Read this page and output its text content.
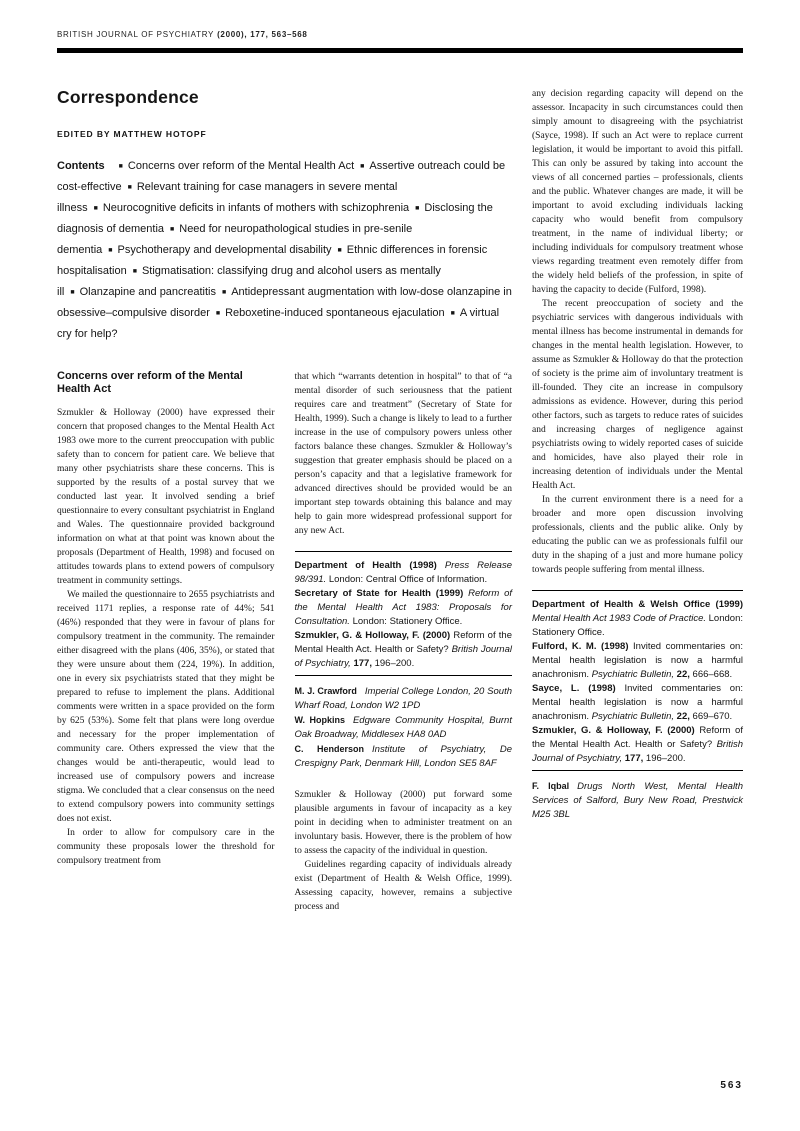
BRITISH JOURNAL OF PSYCHIATRY (2000), 177, 563–568
Correspondence
EDITED BY MATTHEW HOTOPF

Contents ■ Concerns over reform of the Mental Health Act ■ Assertive outreach could be cost-effective ■ Relevant training for case managers in severe mental illness ■ Neurocognitive deficits in infants of mothers with schizophrenia ■ Disclosing the diagnosis of dementia ■ Need for neuropathological studies in pre-senile dementia ■ Psychotherapy and developmental disability ■ Ethnic differences in forensic hospitalisation ■ Stigmatisation: classifying drug and alcohol users as mentally ill ■ Olanzapine and pancreatitis ■ Antidepressant augmentation with low-dose olanzapine in obsessive–compulsive disorder ■ Reboxetine-induced spontaneous ejaculation ■ A virtual cry for help?

Concerns over reform of the Mental Health Act

Szmukler & Holloway (2000) have expressed their concern that proposed changes to the Mental Health Act 1983 owe more to the current preoccupation with public safety than to concern for patient care. We believe that many other psychiatrists share these concerns. This is supported by the results of a postal survey that we conducted last year. It involved sending a brief questionnaire to every consultant psychiatrist in England and Wales. The questionnaire provided background information on what at that point was known about the proposals (Department of Health, 1998) and focused on attitudes towards plans to extend powers of compulsory treatment in community settings.

We mailed the questionnaire to 2655 psychiatrists and received 1171 replies, a response rate of 44%; 541 (46%) responded that they were in favour of plans for compulsory treatment in the community. The remainder either disagreed with the plans (406, 35%), or stated that they were unsure about them (224, 19%). In addition, one in every six psychiatrists stated that they might be prepared to refuse to implement the plans. Additional comments were written in a space provided on the form by 625 (53%). Some felt that plans were long overdue and necessary for the proper implementation of community care. Others expressed the view that the changes would be anti-therapeutic, would lead to increased use of compulsory powers and increase stigma. We concluded that a clear consensus on the need to extend compulsory powers into community settings does not exist.

In order to allow for compulsory care in the community these proposals lower the threshold for compulsory treatment from

that which “warrants detention in hospital” to that of “a mental disorder of such seriousness that the patient requires care and treatment” (Secretary of State for Health, 1999). Such a change is likely to lead to a further increase in the use of compulsory powers unless other factors balance these changes. Szmukler & Holloway’s suggestion that greater emphasis should be placed on a person’s capacity and that a legislative framework for advanced directives should be provided would be an important step towards obtaining this balance and may help to gain more widespread professional support for any new Act.

Department of Health (1998) Press Release 98/391. London: Central Office of Information.

Secretary of State for Health (1999) Reform of the Mental Health Act 1983: Proposals for Consultation. London: Stationery Office.

Szmukler, G. & Holloway, F. (2000) Reform of the Mental Health Act. Health or Safety? British Journal of Psychiatry, 177, 196–200.

M. J. Crawford Imperial College London, 20 South Wharf Road, London W2 1PD

W. Hopkins Edgware Community Hospital, Burnt Oak Broadway, Middlesex HA8 0AD

C. Henderson Institute of Psychiatry, De Crespigny Park, Denmark Hill, London SE5 8AF

Szmukler & Holloway (2000) put forward some plausible arguments in favour of incapacity as a key point in deciding when to administer treatment on an involuntary basis. However, there is the problem of how to assess the capacity of the individual in question.

Guidelines regarding capacity of individuals already exist (Department of Health & Welsh Office, 1999). Assessing capacity, however, remains a subjective process and

any decision regarding capacity will depend on the assessor. Incapacity in such circumstances could then simply amount to disagreeing with the psychiatrist (Sayce, 1998). If such an Act were to replace current legislation, it would be important to avoid this pitfall. This can only be assured by taking into account the views of all concerned parties – professionals, clients and the public. Whatever changes are made, it will be important to avoid excluding individuals lacking capacity who would benefit from compulsory treatment, in the name of individual liberty; or including individuals for compulsory treatment whose views regarding treatment even remotely differ from the widely held beliefs of the profession, in spite of having the capacity to decide (Fulford, 1998).

The recent preoccupation of society and the psychiatric services with dangerous individuals with mental illness has become instrumental in demands for changes in the mental health legislation. However, to assume as Szmukler & Holloway do that the protection of society is the prime aim of involuntary treatment is ill-founded. They cite an increase in compulsory admissions as evidence. However, during this period other factors, such as targets to reduce rates of suicides and increasing charges of negligence against psychiatrists owing to widely reported cases of suicide and homicides, have also played their role in increasing detention of individuals under the Mental Health Act.

In the current environment there is a need for a broader and more open discussion involving professionals, clients and the public alike. Only by educating the public can we as professionals fulfil our duty in the shaping of a just and more humane policy towards people suffering from mental illness.

Department of Health & Welsh Office (1999) Mental Health Act 1983 Code of Practice. London: Stationery Office.

Fulford, K. M. (1998) Invited commentaries on: Mental health legislation is now a harmful anachronism. Psychiatric Bulletin, 22, 666–668.

Sayce, L. (1998) Invited commentaries on: Mental health legislation is now a harmful anachronism. Psychiatric Bulletin, 22, 669–670.

Szmukler, G. & Holloway, F. (2000) Reform of the Mental Health Act. Health or Safety? British Journal of Psychiatry, 177, 196–200.

F. Iqbal Drugs North West, Mental Health Services of Salford, Bury New Road, Prestwick M25 3BL

563
